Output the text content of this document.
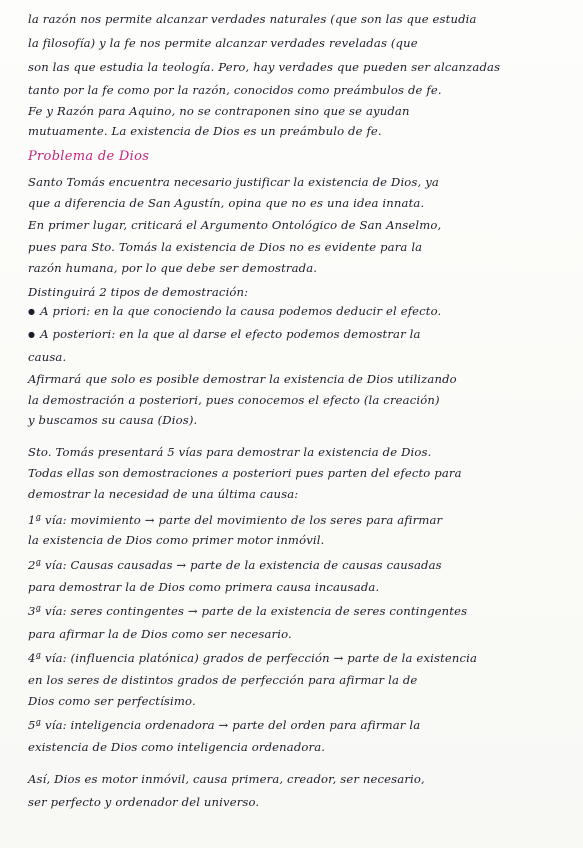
la razón nos permite alcanzar verdades naturales (que son las que estudia
la filosofía) y la fe nos permite alcanzar verdades reveladas (que
son las que estudia la teología. Pero, hay verdades que pueden ser alcanzadas
tanto por la fe como por la razón, conocidos como preámbulos de fe.
Fe y Razón para Aquino, no se contraponen sino que se ayudan
mutuamente. La existencia de Dios es un preámbulo de fe.
Problema de Dios
Santo Tomás encuentra necesario justificar la existencia de Dios, ya
que a diferencia de San Agustín, opina que no es una idea innata.
En primer lugar, criticará el Argumento Ontológico de San Anselmo,
pues para Sto. Tomás la existencia de Dios no es evidente para la
razón humana, por lo que debe ser demostrada.
Distinguirá 2 tipos de demostración:
● A priori: en la que conociendo la causa podemos deducir el efecto.
● A posteriori: en la que al darse el efecto podemos demostrar la
causa.
Afirmará que solo es posible demostrar la existencia de Dios utilizando
la demostración a posteriori, pues conocemos el efecto (la creación)
y buscamos su causa (Dios).
Sto. Tomás presentará 5 vías para demostrar la existencia de Dios.
Todas ellas son demostraciones a posteriori pues parten del efecto para
demostrar la necesidad de una última causa:
1ª vía: movimiento → parte del movimiento de los seres para afirmar
la existencia de Dios como primer motor inmóvil.
2ª vía: Causas causadas → parte de la existencia de causas causadas
para demostrar la de Dios como primera causa incausada.
3ª vía: seres contingentes → parte de la existencia de seres contingentes
para afirmar la de Dios como ser necesario.
4ª vía: (influencia platónica) grados de perfección → parte de la existencia
en los seres de distintos grados de perfección para afirmar la de
Dios como ser perfectísimo.
5ª vía: inteligencia ordenadora → parte del orden para afirmar la
existencia de Dios como inteligencia ordenadora.
Así, Dios es motor inmóvil, causa primera, creador, ser necesario,
ser perfecto y ordenador del universo.
